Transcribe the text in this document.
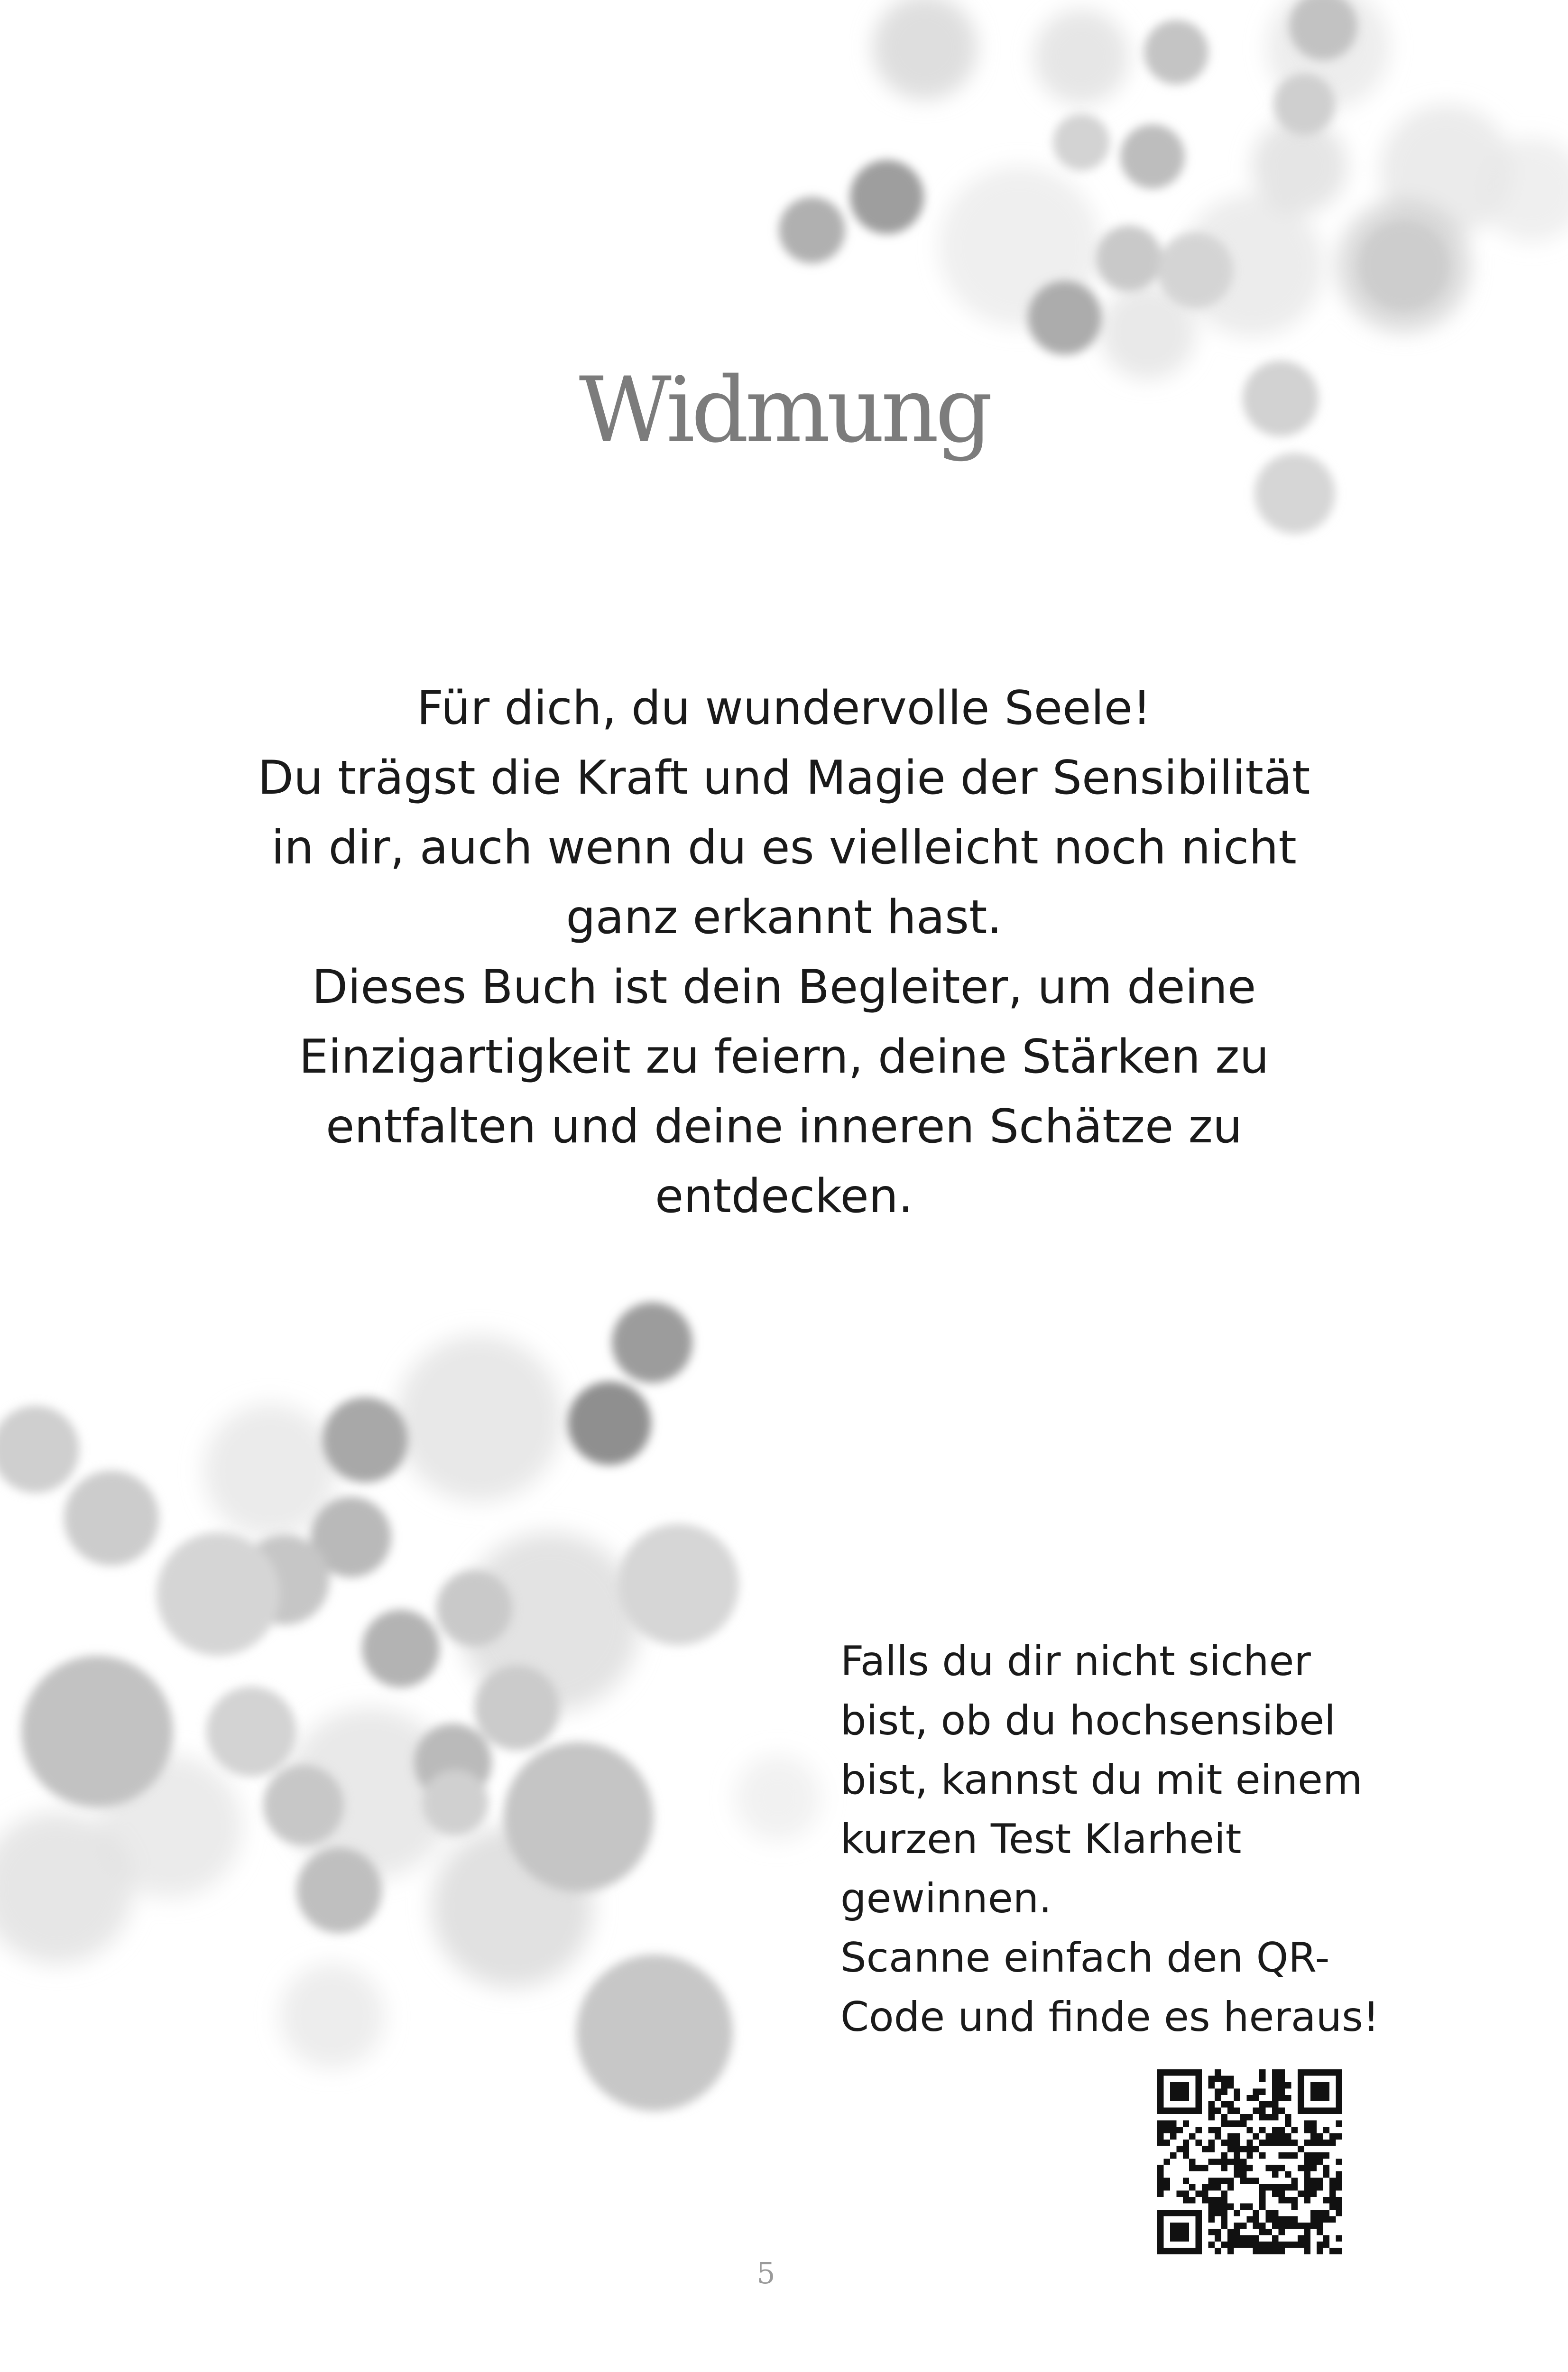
Widmung

Für dich, du wundervolle Seele!
Du trägst die Kraft und Magie der Sensibilität
in dir, auch wenn du es vielleicht noch nicht
ganz erkannt hast.
Dieses Buch ist dein Begleiter, um deine
Einzigartigkeit zu feiern, deine Stärken zu
entfalten und deine inneren Schätze zu
entdecken.

Falls du dir nicht sicher
bist, ob du hochsensibel
bist, kannst du mit einem
kurzen Test Klarheit
gewinnen.
Scanne einfach den QR-
Code und finde es heraus!

5
